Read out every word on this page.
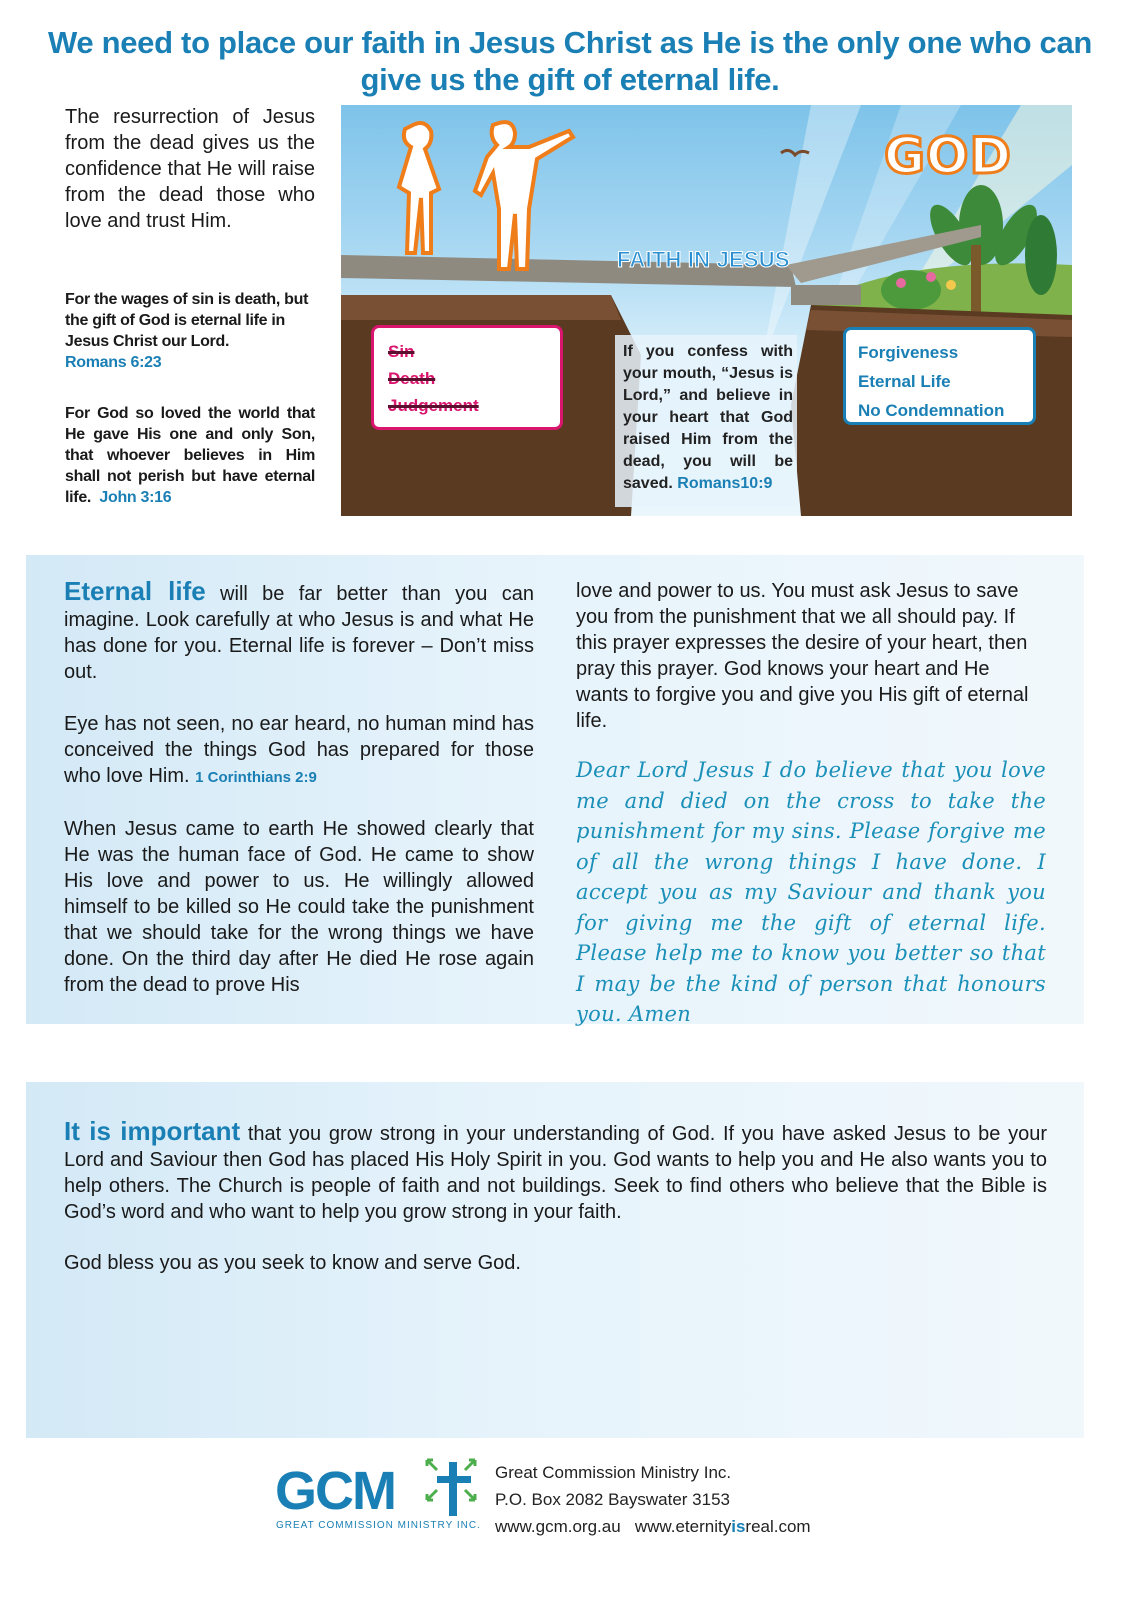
We need to place our faith in Jesus Christ as He is the only one who can give us the gift of eternal life.
The resurrection of Jesus from the dead gives us the confidence that He will raise from the dead those who love and trust Him.
For the wages of sin is death, but the gift of God is eternal life in Jesus Christ our Lord.
Romans 6:23
For God so loved the world that He gave His one and only Son, that whoever believes in Him shall not perish but have eternal life. John 3:16
GOD
FAITH IN JESUS
Sin
Death
Judgement
If you confess with your mouth, “Jesus is Lord,” and believe in your heart that God raised Him from the dead, you will be saved. Romans10:9
Forgiveness
Eternal Life
No Condemnation
Eternal life will be far better than you can imagine. Look carefully at who Jesus is and what He has done for you. Eternal life is forever – Don’t miss out.
Eye has not seen, no ear heard, no human mind has conceived the things God has prepared for those who love Him. 1 Corinthians 2:9
When Jesus came to earth He showed clearly that He was the human face of God. He came to show His love and power to us. He willingly allowed himself to be killed so He could take the punishment that we should take for the wrong things we have done. On the third day after He died He rose again from the dead to prove His
love and power to us. You must ask Jesus to save you from the punishment that we all should pay. If this prayer expresses the desire of your heart, then pray this prayer. God knows your heart and He wants to forgive you and give you His gift of eternal life.
Dear Lord Jesus I do believe that you love me and died on the cross to take the punishment for my sins. Please forgive me of all the wrong things I have done. I accept you as my Saviour and thank you for giving me the gift of eternal life. Please help me to know you better so that I may be the kind of person that honours you. Amen
It is important that you grow strong in your understanding of God. If you have asked Jesus to be your Lord and Saviour then God has placed His Holy Spirit in you. God wants to help you and He also wants you to help others. The Church is people of faith and not buildings. Seek to find others who believe that the Bible is God’s word and who want to help you grow strong in your faith.
God bless you as you seek to know and serve God.
GCM
GREAT COMMISSION MINISTRY INC.
Great Commission Ministry Inc.
P.O. Box 2082 Bayswater 3153
www.gcm.org.au www.eternityisreal.com
